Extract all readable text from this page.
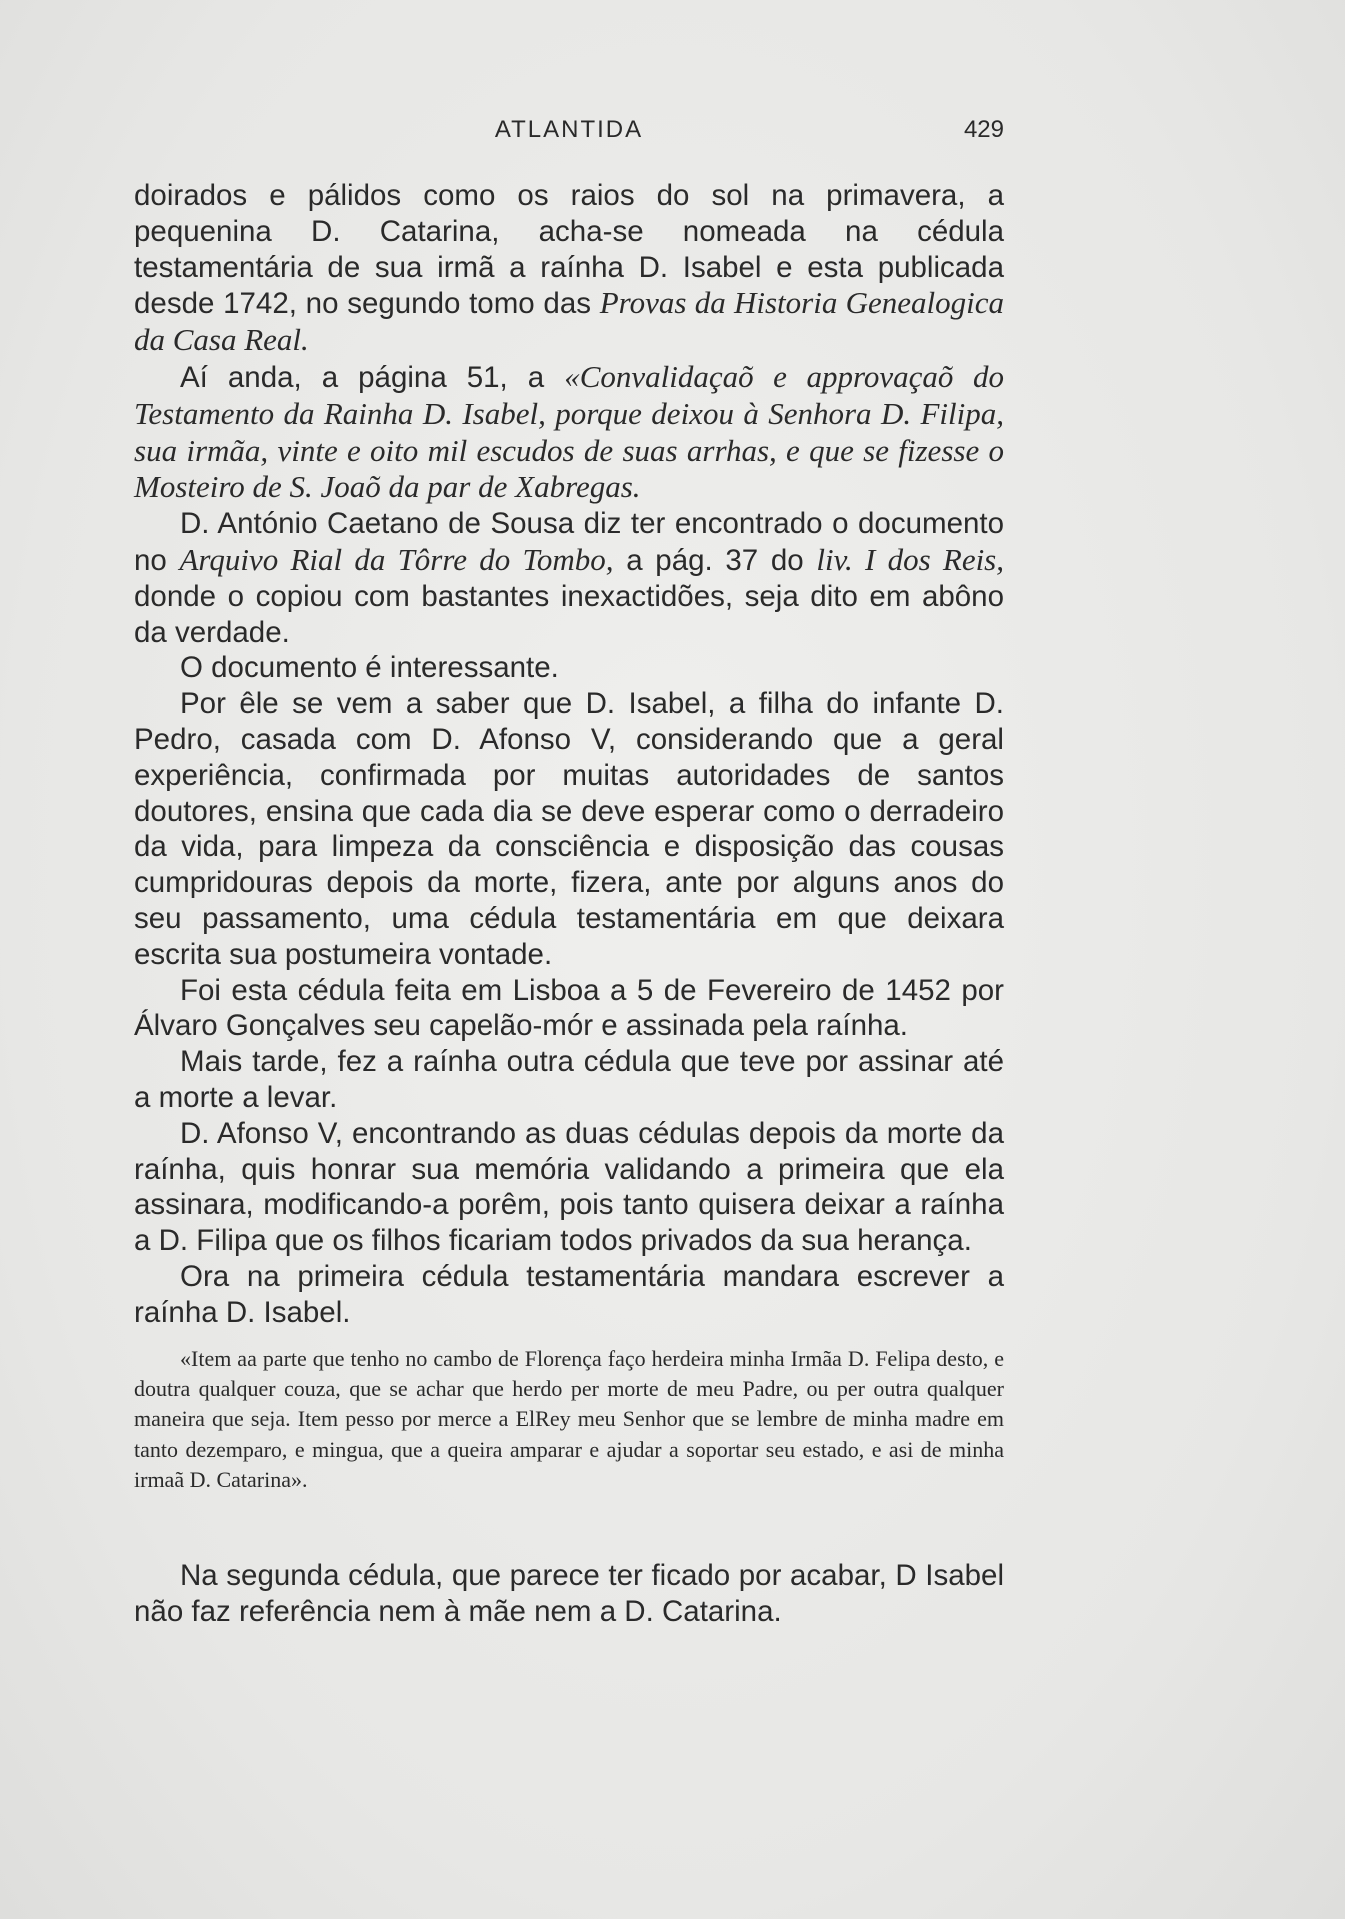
ATLANTIDA	429

doirados e pálidos como os raios do sol na primavera, a pequenina D. Catarina, acha-se nomeada na cédula testamentária de sua irmã a raínha D. Isabel e esta publicada desde 1742, no segundo tomo das Provas da Historia Genealogica da Casa Real.

Aí anda, a página 51, a «Convalidaçaõ e approvaçaõ do Testamento da Rainha D. Isabel, porque deixou à Senhora D. Filipa, sua irmãa, vinte e oito mil escudos de suas arrhas, e que se fizesse o Mosteiro de S. Joaõ da par de Xabregas.

D. António Caetano de Sousa diz ter encontrado o documento no Arquivo Rial da Tôrre do Tombo, a pág. 37 do liv. I dos Reis, donde o copiou com bastantes inexactidões, seja dito em abôno da verdade.

O documento é interessante.

Por êle se vem a saber que D. Isabel, a filha do infante D. Pedro, casada com D. Afonso V, considerando que a geral experiência, confirmada por muitas autoridades de santos doutores, ensina que cada dia se deve esperar como o derradeiro da vida, para limpeza da consciência e disposição das cousas cumpridouras depois da morte, fizera, ante por alguns anos do seu passamento, uma cédula testamentária em que deixara escrita sua postumeira vontade.

Foi esta cédula feita em Lisboa a 5 de Fevereiro de 1452 por Álvaro Gonçalves seu capelão-mór e assinada pela raínha.

Mais tarde, fez a raínha outra cédula que teve por assinar até a morte a levar.

D. Afonso V, encontrando as duas cédulas depois da morte da raínha, quis honrar sua memória validando a primeira que ela assinara, modificando-a porêm, pois tanto quisera deixar a raínha a D. Filipa que os filhos ficariam todos privados da sua herança.

Ora na primeira cédula testamentária mandara escrever a raínha D. Isabel.

«Item aa parte que tenho no cambo de Florença faço herdeira minha Irmãa D. Felipa desto, e doutra qualquer couza, que se achar que herdo per morte de meu Padre, ou per outra qualquer maneira que seja. Item pesso por merce a ElRey meu Senhor que se lembre de minha madre em tanto dezemparo, e mingua, que a queira amparar e ajudar a soportar seu estado, e asi de minha irmaã D. Catarina».
Na segunda cédula, que parece ter ficado por acabar, D Isabel não faz referência nem à mãe nem a D. Catarina.
